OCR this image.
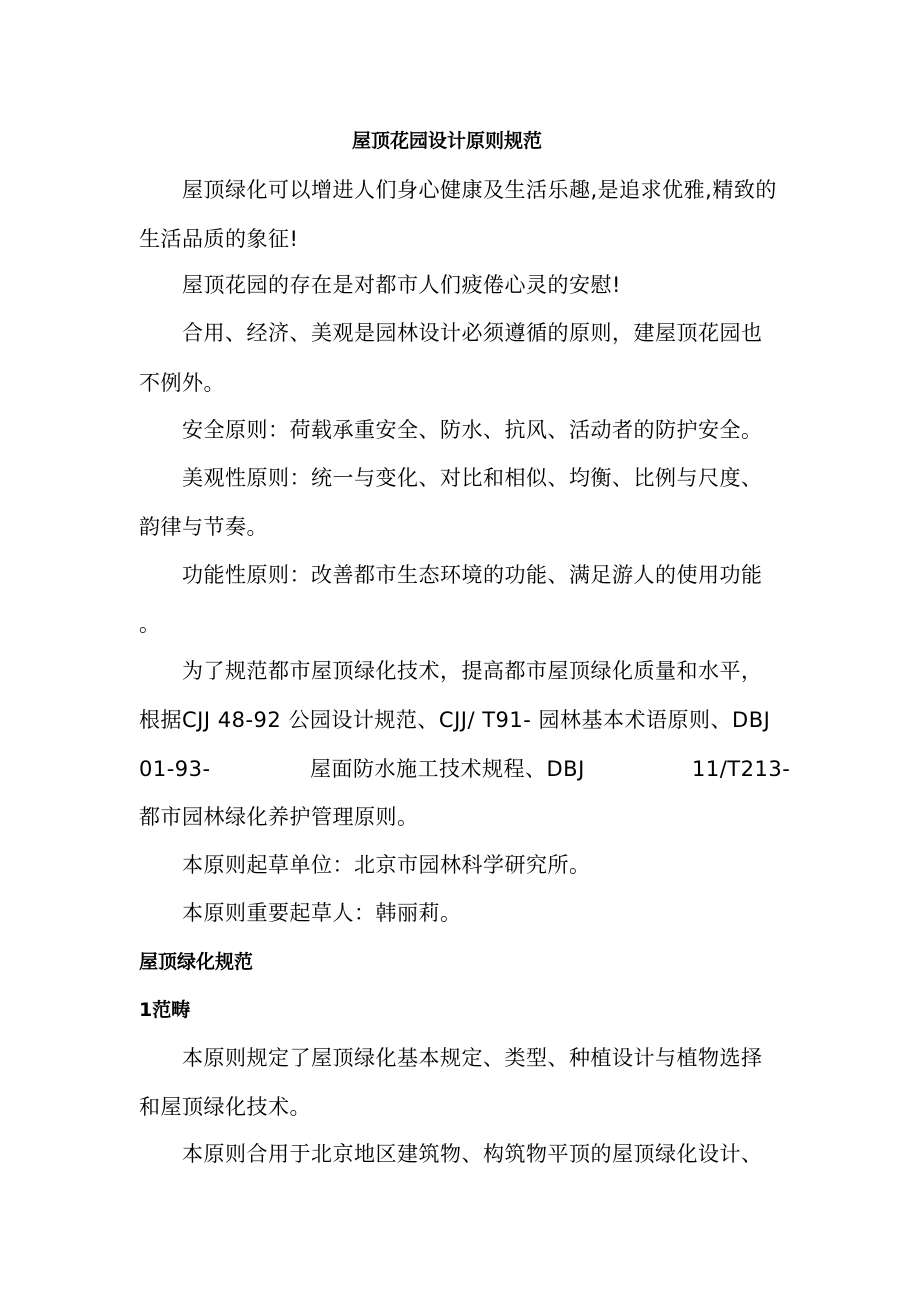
屋顶花园设计原则规范
屋顶绿化可以增进人们身心健康及生活乐趣,是追求优雅,精致的
生活品质的象征!
屋顶花园的存在是对都市人们疲倦心灵的安慰!
合用、经济、美观是园林设计必须遵循的原则，建屋顶花园也
不例外。
安全原则：荷载承重安全、防水、抗风、活动者的防护安全。
美观性原则：统一与变化、对比和相似、均衡、比例与尺度、
韵律与节奏。
功能性原则：改善都市生态环境的功能、满足游人的使用功能
。
为了规范都市屋顶绿化技术，提高都市屋顶绿化质量和水平，
根据CJJ 48-92 公园设计规范、CJJ/ T91- 园林基本术语原则、DBJ
01-93-	屋面防水施工技术规程、DBJ	11/T213-
都市园林绿化养护管理原则。
本原则起草单位：北京市园林科学研究所。
本原则重要起草人：韩丽莉。
屋顶绿化规范
1范畴
本原则规定了屋顶绿化基本规定、类型、种植设计与植物选择
和屋顶绿化技术。
本原则合用于北京地区建筑物、构筑物平顶的屋顶绿化设计、
